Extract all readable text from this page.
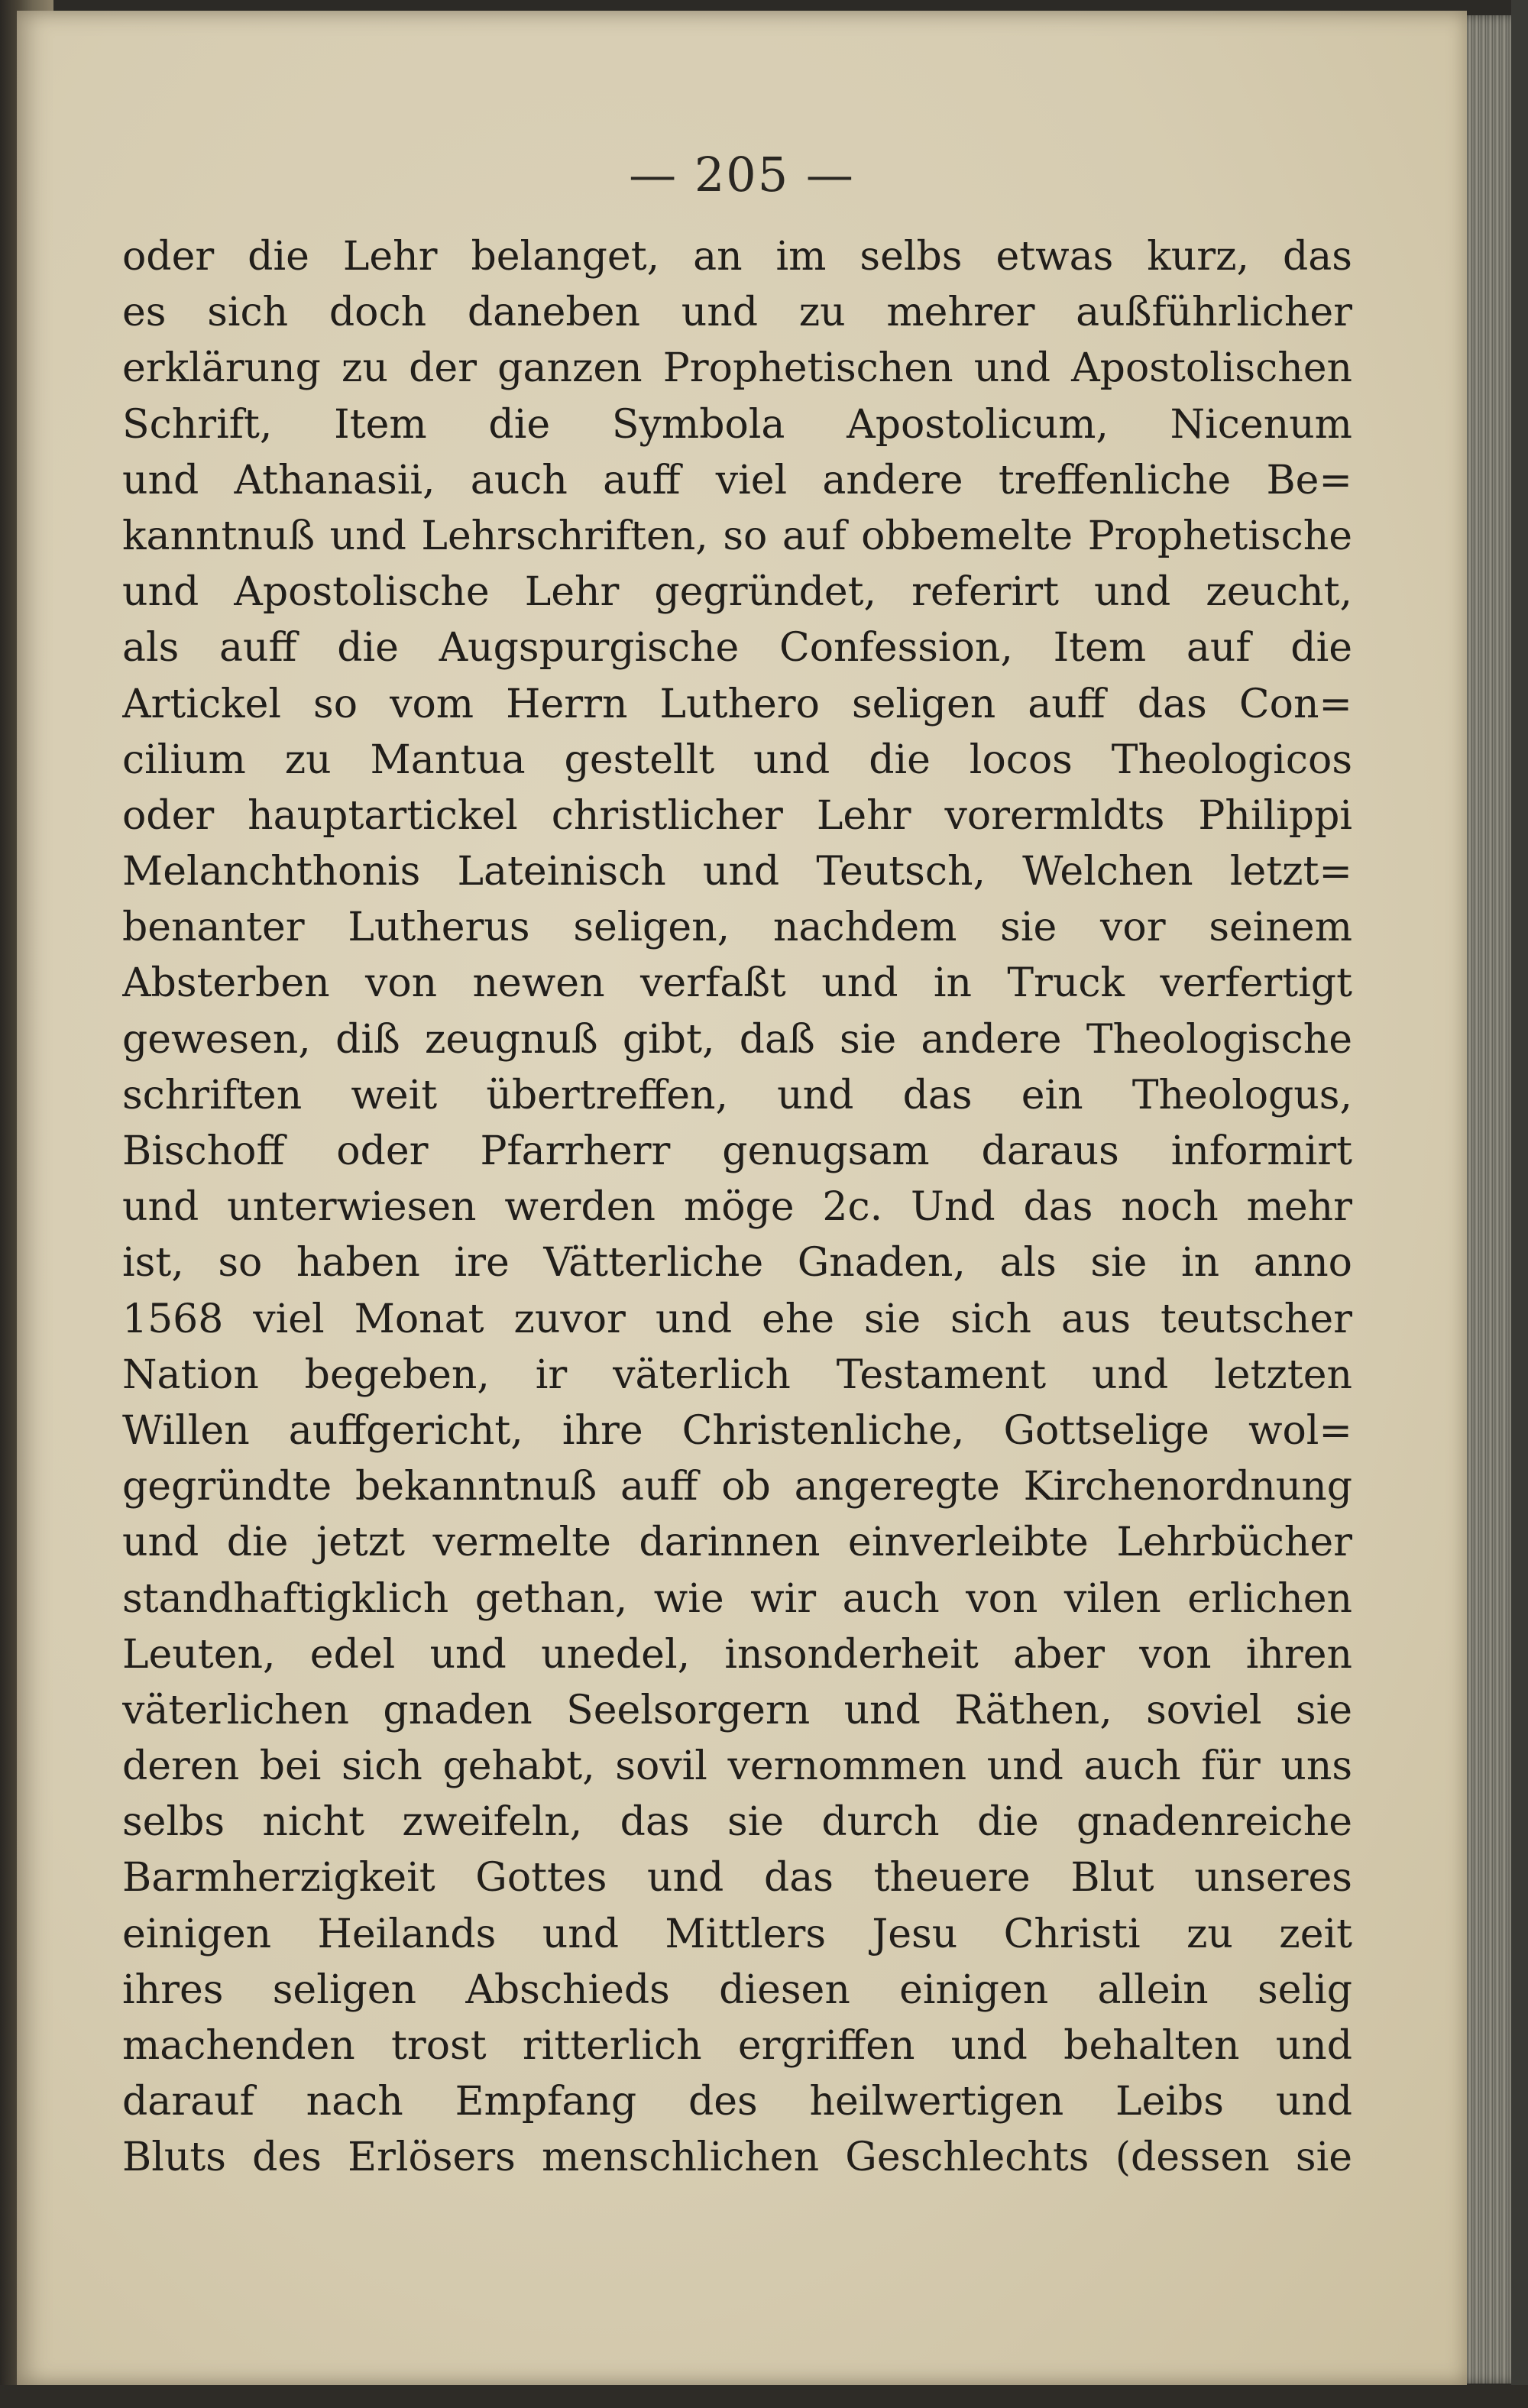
— 205 —
oder die Lehr belanget, an im selbs etwas kurz, das
es sich doch daneben und zu mehrer außführlicher
erklärung zu der ganzen Prophetischen und Apostolischen
Schrift, Item die Symbola Apostolicum, Nicenum
und Athanasii, auch auff viel andere treffenliche Be=
kanntnuß und Lehrschriften, so auf obbemelte Prophetische
und Apostolische Lehr gegründet, referirt und zeucht,
als auff die Augspurgische Confession, Item auf die
Artickel so vom Herrn Luthero seligen auff das Con=
cilium zu Mantua gestellt und die locos Theologicos
oder hauptartickel christlicher Lehr vorermldts Philippi
Melanchthonis Lateinisch und Teutsch, Welchen letzt=
benanter Lutherus seligen, nachdem sie vor seinem
Absterben von newen verfaßt und in Truck verfertigt
gewesen, diß zeugnuß gibt, daß sie andere Theologische
schriften weit übertreffen, und das ein Theologus,
Bischoff oder Pfarrherr genugsam daraus informirt
und unterwiesen werden möge 2c. Und das noch mehr
ist, so haben ire Vätterliche Gnaden, als sie in anno
1568 viel Monat zuvor und ehe sie sich aus teutscher
Nation begeben, ir väterlich Testament und letzten
Willen auffgericht, ihre Christenliche, Gottselige wol=
gegründte bekanntnuß auff ob angeregte Kirchenordnung
und die jetzt vermelte darinnen einverleibte Lehrbücher
standhaftigklich gethan, wie wir auch von vilen erlichen
Leuten, edel und unedel, insonderheit aber von ihren
väterlichen gnaden Seelsorgern und Räthen, soviel sie
deren bei sich gehabt, sovil vernommen und auch für uns
selbs nicht zweifeln, das sie durch die gnadenreiche
Barmherzigkeit Gottes und das theuere Blut unseres
einigen Heilands und Mittlers Jesu Christi zu zeit
ihres seligen Abschieds diesen einigen allein selig
machenden trost ritterlich ergriffen und behalten und
darauf nach Empfang des heilwertigen Leibs und
Bluts des Erlösers menschlichen Geschlechts (dessen sie
